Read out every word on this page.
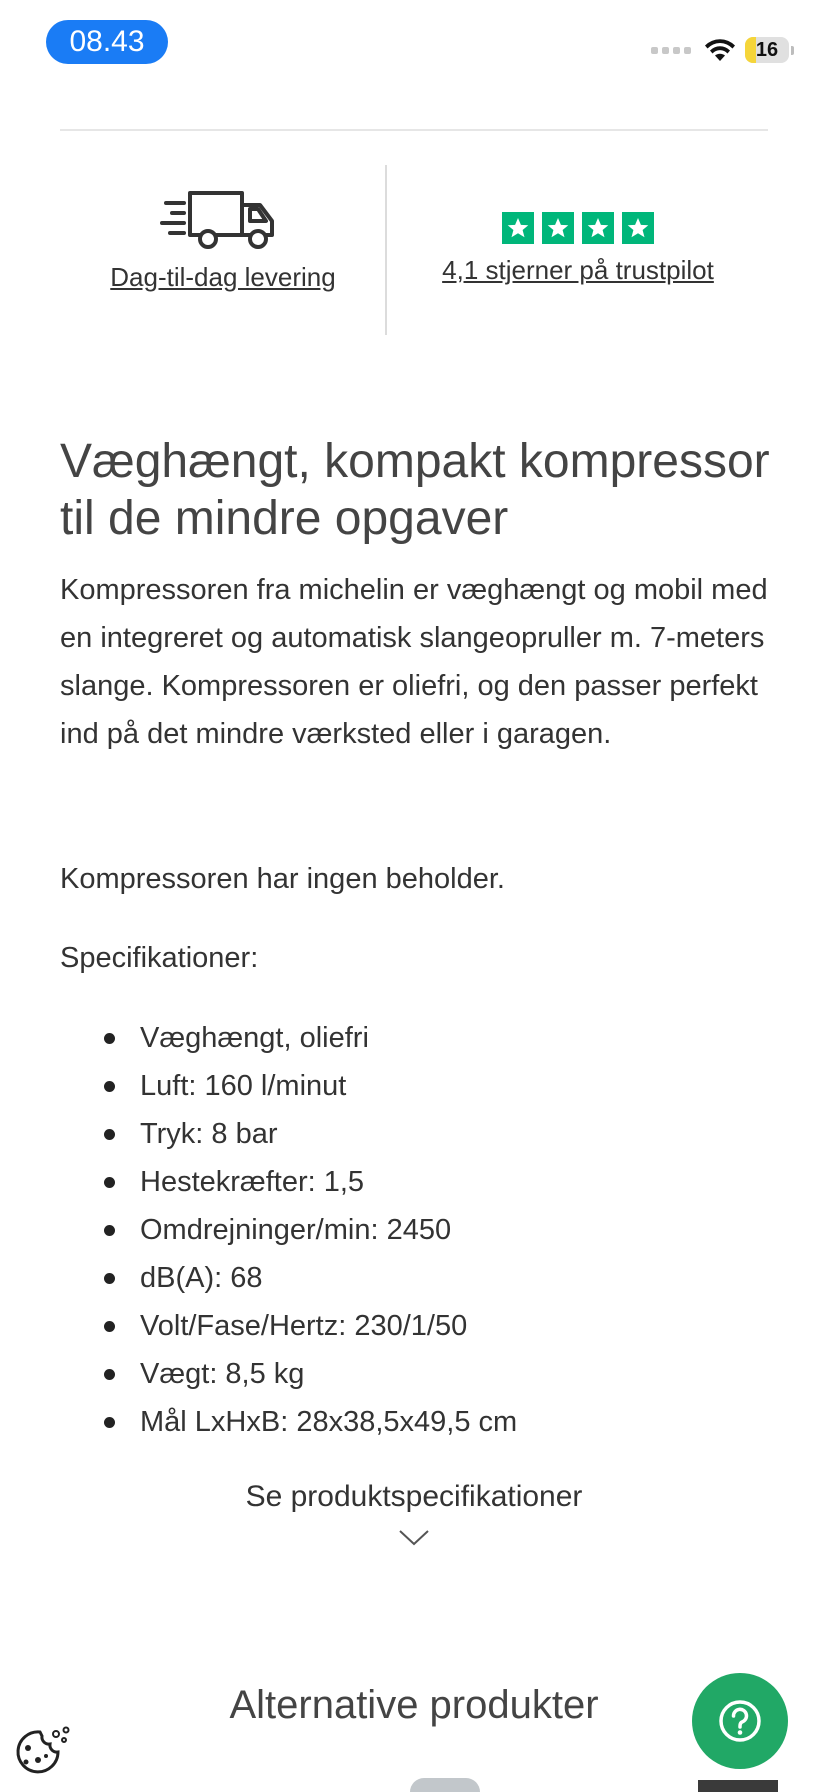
08.43	16
Dag-til-dag levering	4,1 stjerner på trustpilot
Væghængt, kompakt kompressor til de mindre opgaver

Kompressoren fra michelin er væghængt og mobil med en integreret og automatisk slangeopruller m. 7-meters slange. Kompressoren er oliefri, og den passer perfekt ind på det mindre værksted eller i garagen.

Kompressoren har ingen beholder.

Specifikationer:

Væghængt, oliefri
Luft: 160 l/minut
Tryk: 8 bar
Hestekræfter: 1,5
Omdrejninger/min: 2450
dB(A): 68
Volt/Fase/Hertz: 230/1/50
Vægt: 8,5 kg
Mål LxHxB: 28x38,5x49,5 cm
Se produktspecifikationer
Alternative produkter
